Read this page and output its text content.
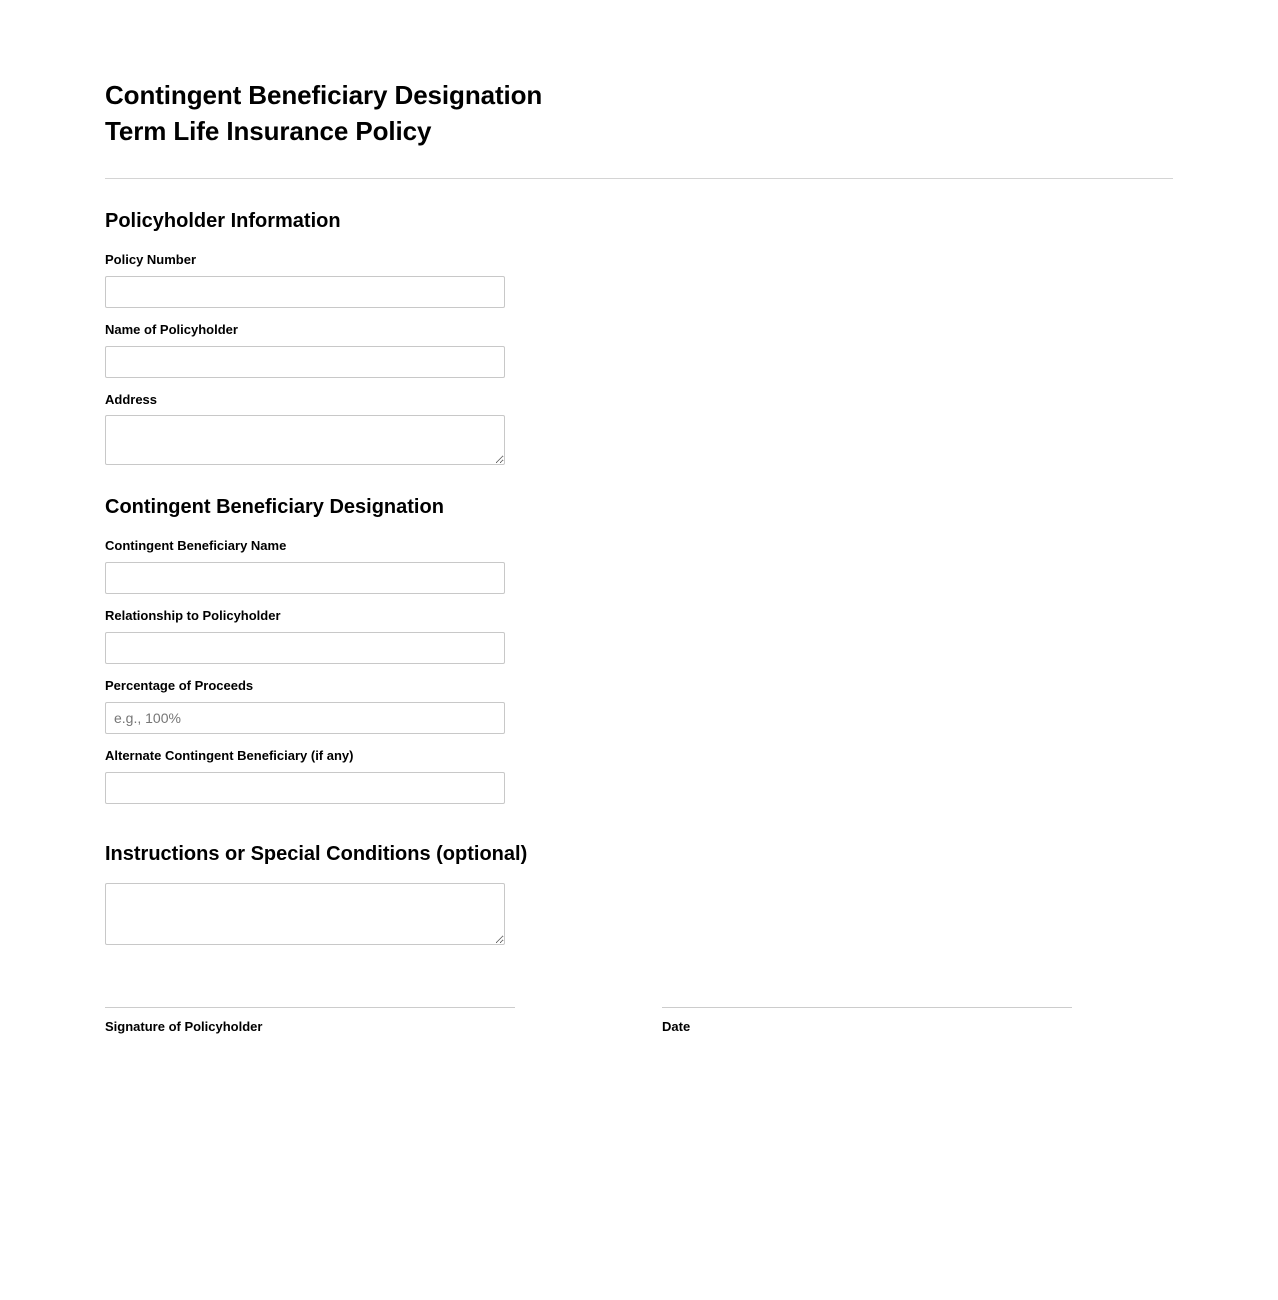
Contingent Beneficiary Designation
Term Life Insurance Policy
Policyholder Information
Policy Number
Name of Policyholder
Address
Contingent Beneficiary Designation
Contingent Beneficiary Name
Relationship to Policyholder
Percentage of Proceeds
e.g., 100%
Alternate Contingent Beneficiary (if any)
Instructions or Special Conditions (optional)
Signature of Policyholder	Date
